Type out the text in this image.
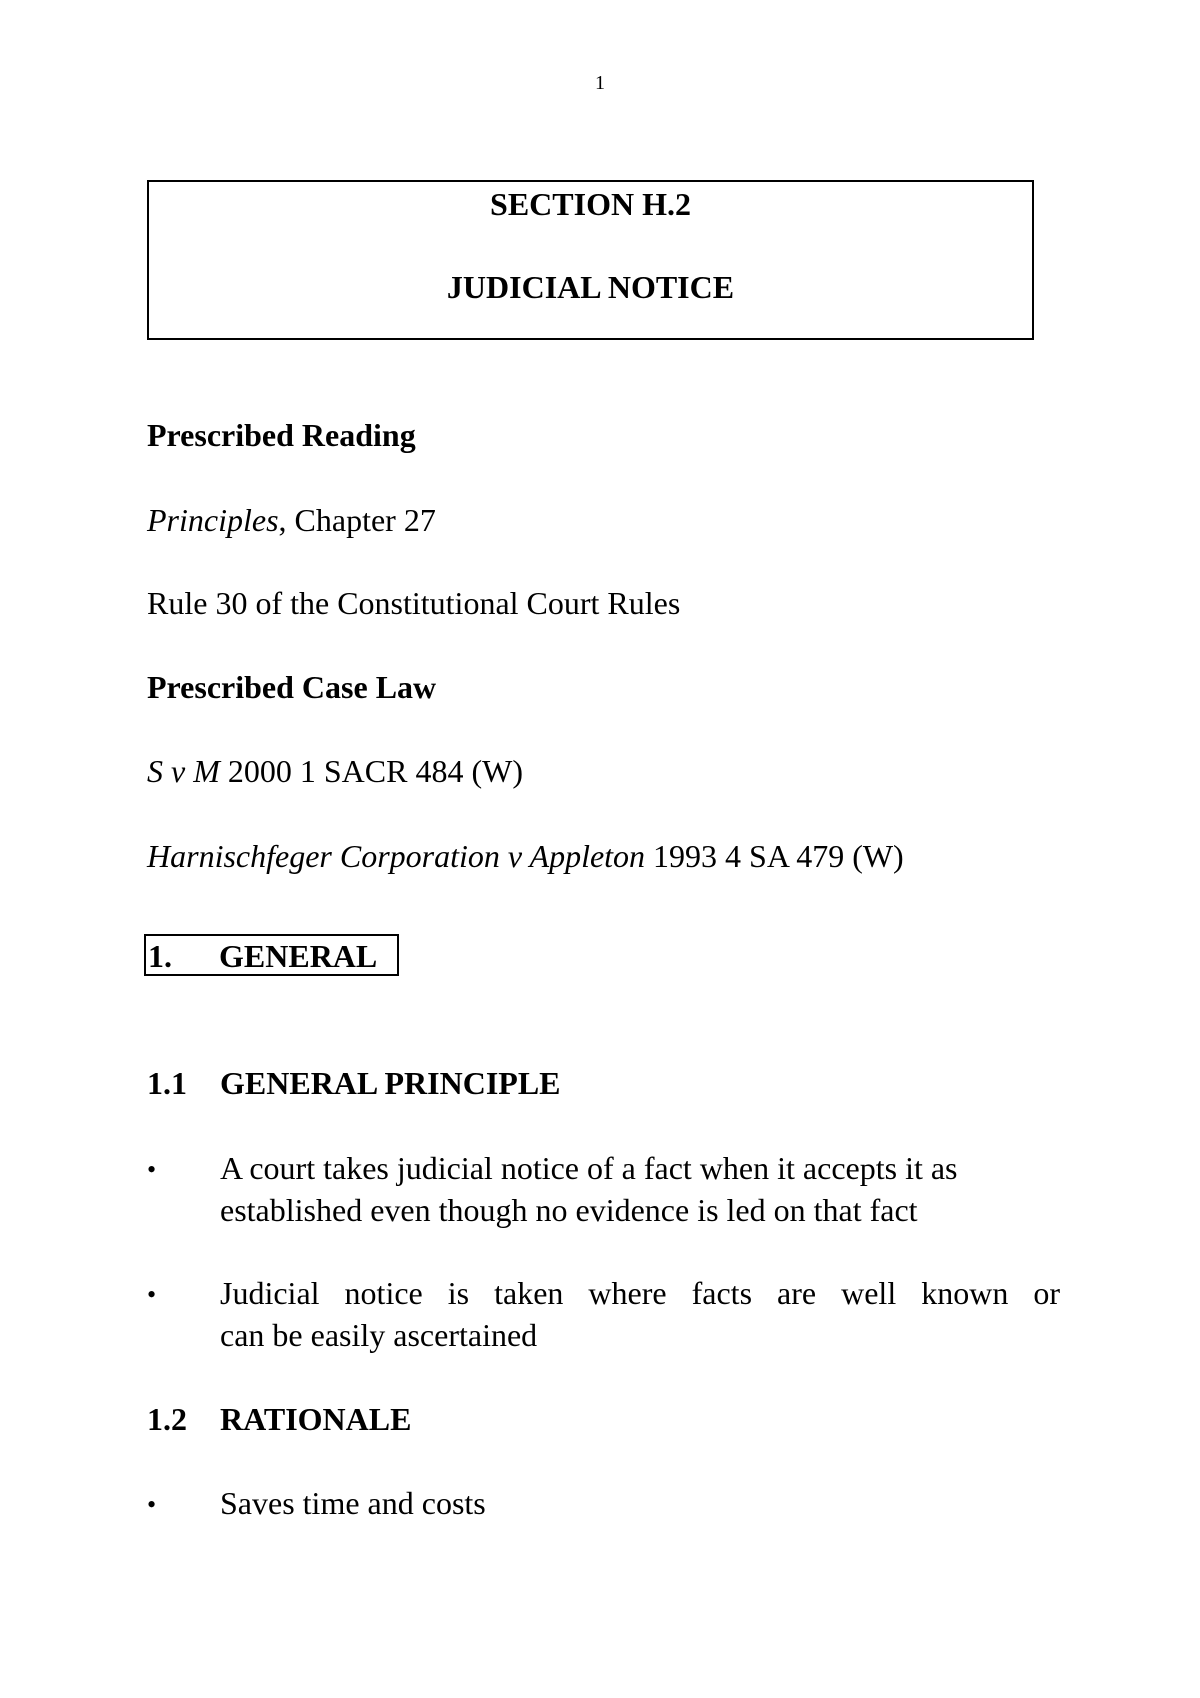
1
SECTION H.2
JUDICIAL NOTICE
Prescribed Reading
Principles, Chapter 27
Rule 30 of the Constitutional Court Rules
Prescribed Case Law
S v M 2000 1 SACR 484 (W)
Harnischfeger Corporation v Appleton 1993 4 SA 479 (W)
1. GENERAL
1.1 GENERAL PRINCIPLE
• A court takes judicial notice of a fact when it accepts it as
established even though no evidence is led on that fact
• Judicial notice is taken where facts are well known or
can be easily ascertained
1.2 RATIONALE
• Saves time and costs
